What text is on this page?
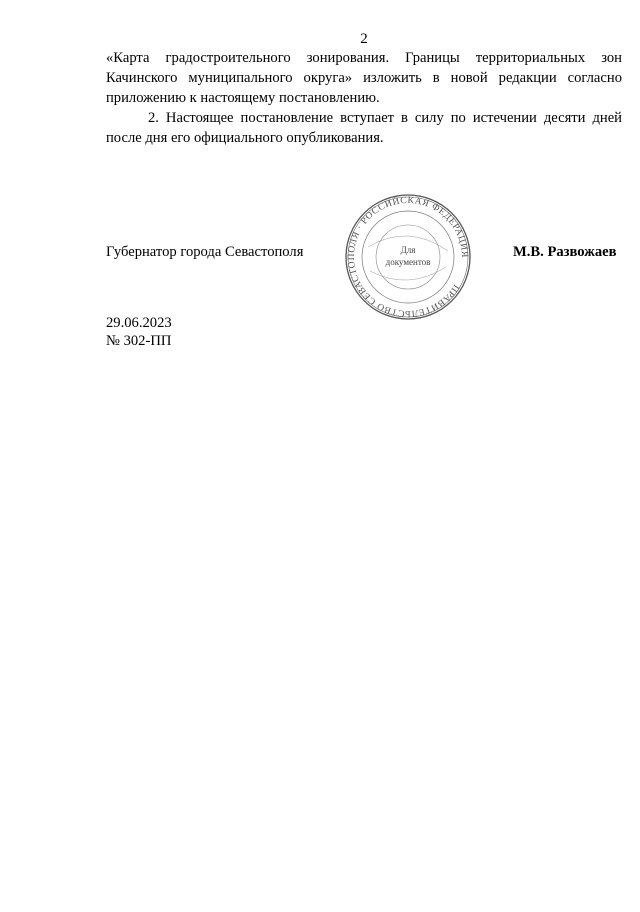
2

«Карта градостроительного зонирования. Границы территориальных зон Качинского муниципального округа» изложить в новой редакции согласно приложению к настоящему постановлению.

2. Настоящее постановление вступает в силу по истечении десяти дней после дня его официального опубликования.

Губернатор города Севастополя
ПРАВИТЕЛЬСТВО СЕВАСТОПОЛЯ · РОССИЙСКАЯ ФЕДЕРАЦИЯ
Для
документов
М.В. Развожаев
29.06.2023
№ 302-ПП
